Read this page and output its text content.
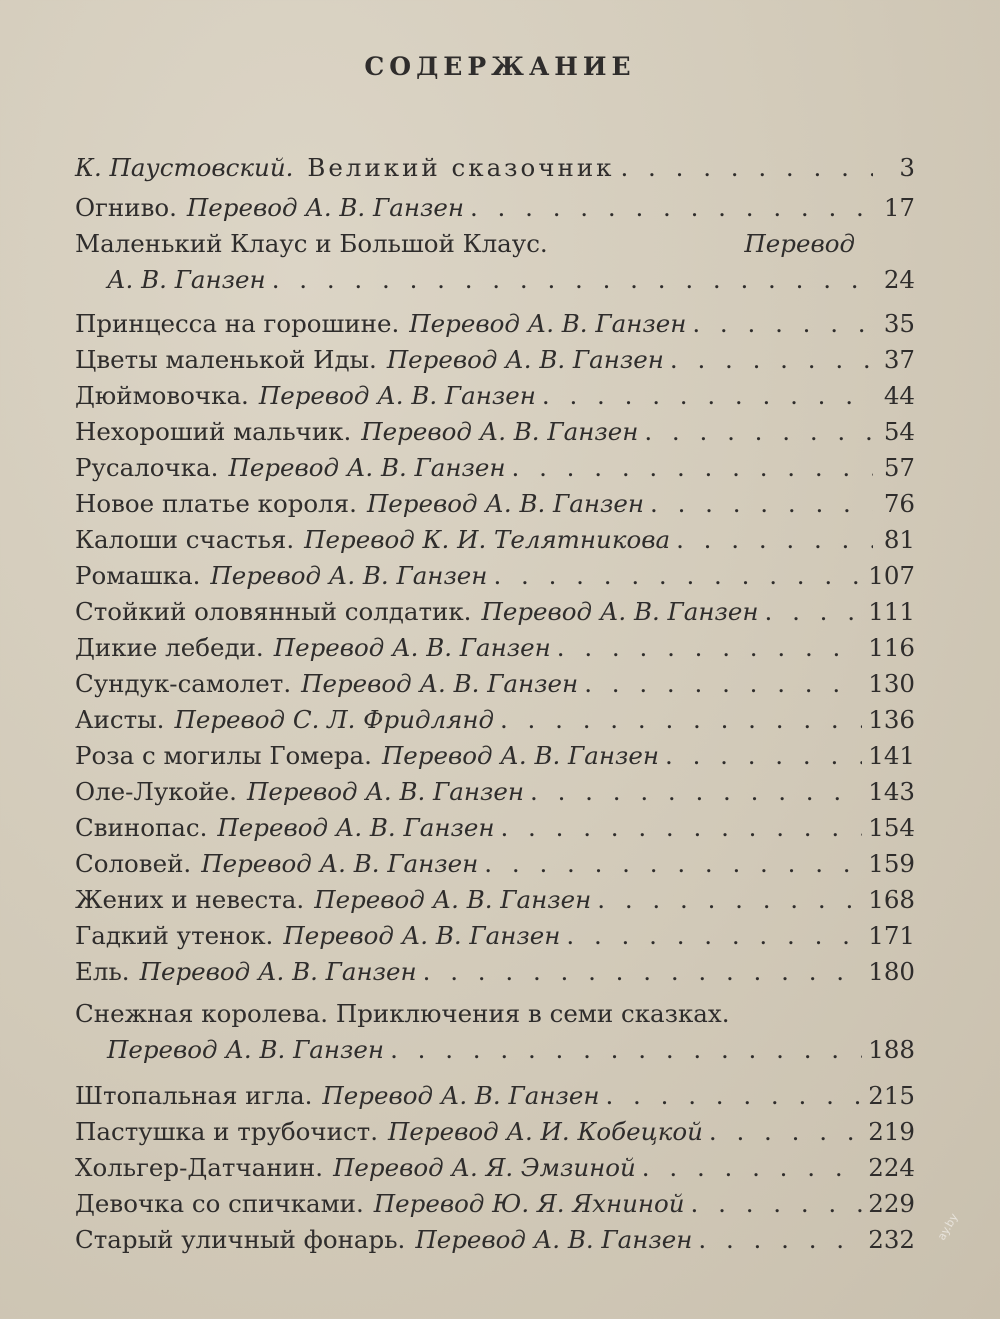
СОДЕРЖАНИЕ
К. Паустовский. Великий сказочник . . .	3
Огниво. Перевод А. В. Ганзен . . .	17
Маленький Клаус и Большой Клаус.	Перевод
А. В. Ганзен . . .	24
Принцесса на горошине. Перевод А. В. Ганзен . . .	35
Цветы маленькой Иды. Перевод А. В. Ганзен . . .	37
Дюймовочка. Перевод А. В. Ганзен . . .	44
Нехороший мальчик. Перевод А. В. Ганзен . . .	54
Русалочка. Перевод А. В. Ганзен . . .	57
Новое платье короля. Перевод А. В. Ганзен . . .	76
Калоши счастья. Перевод К. И. Телятникова . . .	81
Ромашка. Перевод А. В. Ганзен . . .	107
Стойкий оловянный солдатик. Перевод А. В. Ганзен . . .	111
Дикие лебеди. Перевод А. В. Ганзен . . .	116
Сундук-самолет. Перевод А. В. Ганзен . . .	130
Аисты. Перевод С. Л. Фридлянд . . .	136
Роза с могилы Гомера. Перевод А. В. Ганзен . . .	141
Оле-Лукойе. Перевод А. В. Ганзен . . .	143
Свинопас. Перевод А. В. Ганзен . . .	154
Соловей. Перевод А. В. Ганзен . . .	159
Жених и невеста. Перевод А. В. Ганзен . . .	168
Гадкий утенок. Перевод А. В. Ганзен . . .	171
Ель. Перевод А. В. Ганзен . . .	180
Снежная королева. Приключения в семи сказках.
Перевод А. В. Ганзен . . .	188
Штопальная игла. Перевод А. В. Ганзен . . .	215
Пастушка и трубочист. Перевод А. И. Кобецкой . . .	219
Хольгер-Датчанин. Перевод А. Я. Эмзиной . . .	224
Девочка со спичками. Перевод Ю. Я. Яхниной . . .	229
Старый уличный фонарь. Перевод А. В. Ганзен . . .	232 ay.by
